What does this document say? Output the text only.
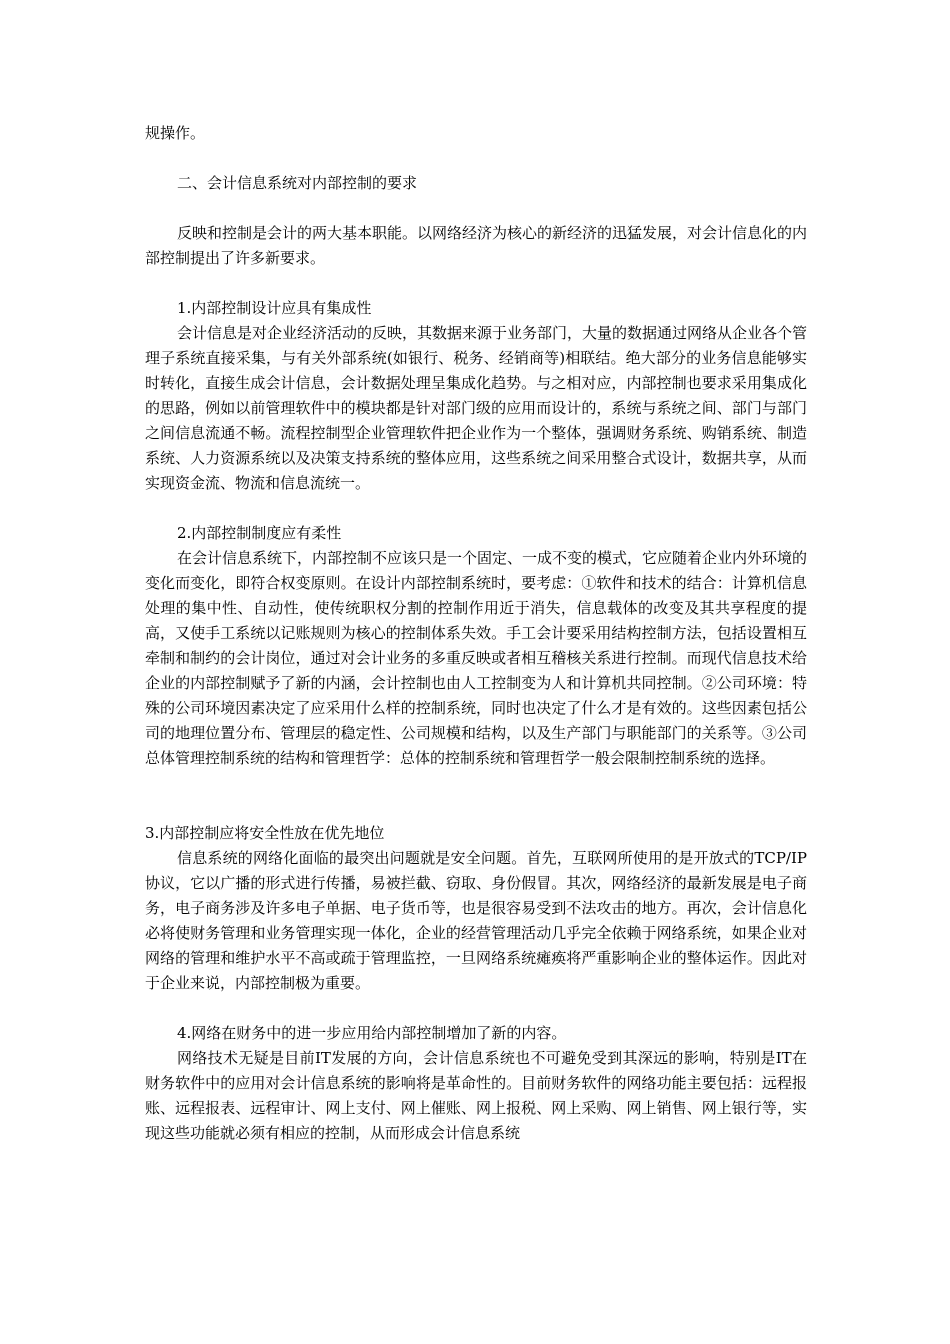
规操作。

二、会计信息系统对内部控制的要求

反映和控制是会计的两大基本职能。以网络经济为核心的新经济的迅猛发展，对会计信息化的内部控制提出了许多新要求。

1.内部控制设计应具有集成性

会计信息是对企业经济活动的反映，其数据来源于业务部门，大量的数据通过网络从企业各个管理子系统直接采集，与有关外部系统(如银行、税务、经销商等)相联结。绝大部分的业务信息能够实时转化，直接生成会计信息，会计数据处理呈集成化趋势。与之相对应，内部控制也要求采用集成化的思路，例如以前管理软件中的模块都是针对部门级的应用而设计的，系统与系统之间、部门与部门之间信息流通不畅。流程控制型企业管理软件把企业作为一个整体，强调财务系统、购销系统、制造系统、人力资源系统以及决策支持系统的整体应用，这些系统之间采用整合式设计，数据共享，从而实现资金流、物流和信息流统一。

2.内部控制制度应有柔性

在会计信息系统下，内部控制不应该只是一个固定、一成不变的模式，它应随着企业内外环境的变化而变化，即符合权变原则。在设计内部控制系统时，要考虑：①软件和技术的结合：计算机信息处理的集中性、自动性，使传统职权分割的控制作用近于消失，信息载体的改变及其共享程度的提高，又使手工系统以记账规则为核心的控制体系失效。手工会计要采用结构控制方法，包括设置相互牵制和制约的会计岗位，通过对会计业务的多重反映或者相互稽核关系进行控制。而现代信息技术给企业的内部控制赋予了新的内涵，会计控制也由人工控制变为人和计算机共同控制。②公司环境：特殊的公司环境因素决定了应采用什么样的控制系统，同时也决定了什么才是有效的。这些因素包括公司的地理位置分布、管理层的稳定性、公司规模和结构，以及生产部门与职能部门的关系等。③公司总体管理控制系统的结构和管理哲学：总体的控制系统和管理哲学一般会限制控制系统的选择。

3.内部控制应将安全性放在优先地位

信息系统的网络化面临的最突出问题就是安全问题。首先，互联网所使用的是开放式的TCP/IP协议，它以广播的形式进行传播，易被拦截、窃取、身份假冒。其次，网络经济的最新发展是电子商务，电子商务涉及许多电子单据、电子货币等，也是很容易受到不法攻击的地方。再次，会计信息化必将使财务管理和业务管理实现一体化，企业的经营管理活动几乎完全依赖于网络系统，如果企业对网络的管理和维护水平不高或疏于管理监控，一旦网络系统瘫痪将严重影响企业的整体运作。因此对于企业来说，内部控制极为重要。

4.网络在财务中的进一步应用给内部控制增加了新的内容。

网络技术无疑是目前IT发展的方向，会计信息系统也不可避免受到其深远的影响，特别是IT在财务软件中的应用对会计信息系统的影响将是革命性的。目前财务软件的网络功能主要包括：远程报账、远程报表、远程审计、网上支付、网上催账、网上报税、网上采购、网上销售、网上银行等，实现这些功能就必须有相应的控制，从而形成会计信息系统
